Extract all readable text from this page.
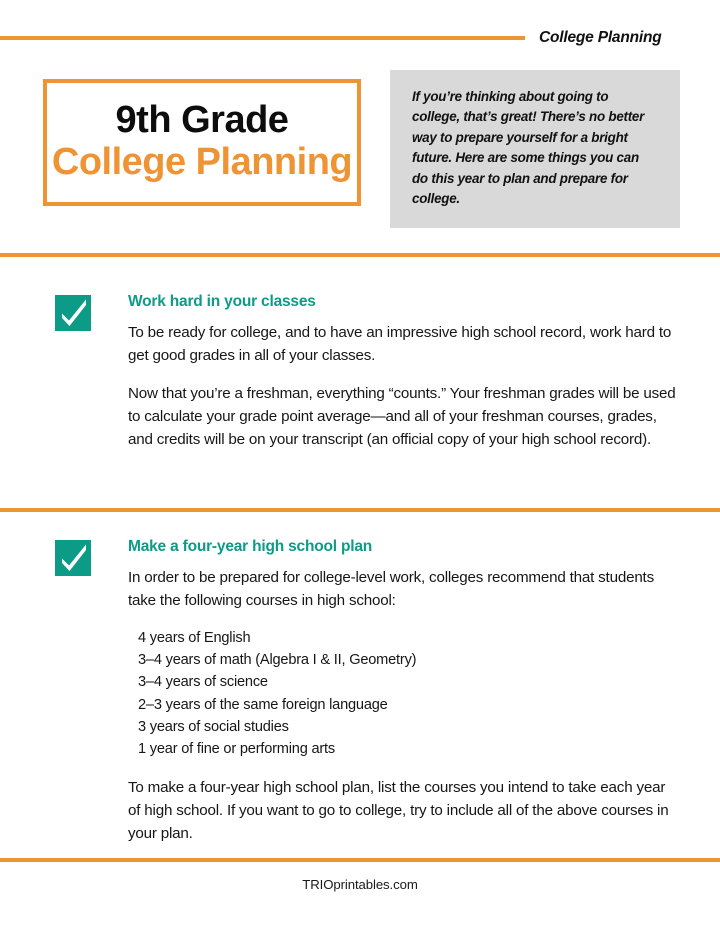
College Planning
9th Grade
College Planning
If you’re thinking about going to college, that’s great! There’s no better way to prepare yourself for a bright future. Here are some things you can do this year to plan and prepare for college.
Work hard in your classes

To be ready for college, and to have an impressive high school record, work hard to get good grades in all of your classes.

Now that you’re a freshman, everything “counts.” Your freshman grades will be used to calculate your grade point average—and all of your freshman courses, grades, and credits will be on your transcript (an official copy of your high school record).

Make a four-year high school plan

In order to be prepared for college-level work, colleges recommend that students take the following courses in high school:

4 years of English
3–4 years of math (Algebra I & II, Geometry)
3–4 years of science
2–3 years of the same foreign language
3 years of social studies
1 year of fine or performing arts

To make a four-year high school plan, list the courses you intend to take each year of high school. If you want to go to college, try to include all of the above courses in your plan.

TRIOprintables.com
